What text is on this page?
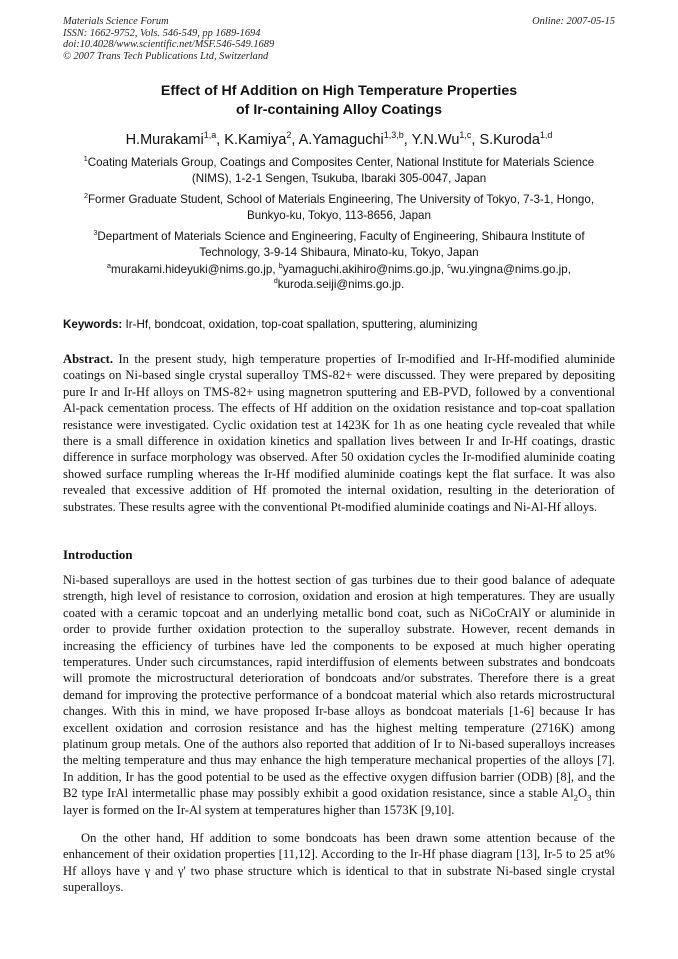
Materials Science Forum
ISSN: 1662-9752, Vols. 546-549, pp 1689-1694
doi:10.4028/www.scientific.net/MSF.546-549.1689
© 2007 Trans Tech Publications Ltd, Switzerland
Online: 2007-05-15
Effect of Hf Addition on High Temperature Properties
of Ir-containing Alloy Coatings
H.Murakami$^{1,a}$, K.Kamiya$^2$, A.Yamaguchi$^{1,3,b}$, Y.N.Wu$^{1,c}$, S.Kuroda$^{1,d}$
$^1$Coating Materials Group, Coatings and Composites Center, National Institute for Materials Science (NIMS), 1-2-1 Sengen, Tsukuba, Ibaraki 305-0047, Japan
$^2$Former Graduate Student, School of Materials Engineering, The University of Tokyo, 7-3-1, Hongo, Bunkyo-ku, Tokyo, 113-8656, Japan
$^3$Department of Materials Science and Engineering, Faculty of Engineering, Shibaura Institute of Technology, 3-9-14 Shibaura, Minato-ku, Tokyo, Japan
$^a$murakami.hideyuki@nims.go.jp, $^b$yamaguchi.akihiro@nims.go.jp, $^c$wu.yingna@nims.go.jp,
$^d$kuroda.seiji@nims.go.jp.
Keywords: Ir-Hf, bondcoat, oxidation, top-coat spallation, sputtering, aluminizing
Abstract. In the present study, high temperature properties of Ir-modified and Ir-Hf-modified aluminide coatings on Ni-based single crystal superalloy TMS-82+ were discussed. They were prepared by depositing pure Ir and Ir-Hf alloys on TMS-82+ using magnetron sputtering and EB-PVD, followed by a conventional Al-pack cementation process. The effects of Hf addition on the oxidation resistance and top-coat spallation resistance were investigated. Cyclic oxidation test at 1423K for 1h as one heating cycle revealed that while there is a small difference in oxidation kinetics and spallation lives between Ir and Ir-Hf coatings, drastic difference in surface morphology was observed. After 50 oxidation cycles the Ir-modified aluminide coating showed surface rumpling whereas the Ir-Hf modified aluminide coatings kept the flat surface. It was also revealed that excessive addition of Hf promoted the internal oxidation, resulting in the deterioration of substrates. These results agree with the conventional Pt-modified aluminide coatings and Ni-Al-Hf alloys.
Introduction
Ni-based superalloys are used in the hottest section of gas turbines due to their good balance of adequate strength, high level of resistance to corrosion, oxidation and erosion at high temperatures. They are usually coated with a ceramic topcoat and an underlying metallic bond coat, such as NiCoCrAlY or aluminide in order to provide further oxidation protection to the superalloy substrate. However, recent demands in increasing the efficiency of turbines have led the components to be exposed at much higher operating temperatures. Under such circumstances, rapid interdiffusion of elements between substrates and bondcoats will promote the microstructural deterioration of bondcoats and/or substrates. Therefore there is a great demand for improving the protective performance of a bondcoat material which also retards microstructural changes. With this in mind, we have proposed Ir-base alloys as bondcoat materials [1-6] because Ir has excellent oxidation and corrosion resistance and has the highest melting temperature (2716K) among platinum group metals. One of the authors also reported that addition of Ir to Ni-based superalloys increases the melting temperature and thus may enhance the high temperature mechanical properties of the alloys [7]. In addition, Ir has the good potential to be used as the effective oxygen diffusion barrier (ODB) [8], and the B2 type IrAl intermetallic phase may possibly exhibit a good oxidation resistance, since a stable $Al_2O_3$ thin layer is formed on the Ir-Al system at temperatures higher than 1573K [9,10].
On the other hand, Hf addition to some bondcoats has been drawn some attention because of the enhancement of their oxidation properties [11,12]. According to the Ir-Hf phase diagram [13], Ir-5 to 25 at% Hf alloys have γ and γ' two phase structure which is identical to that in substrate Ni-based single crystal superalloys.
